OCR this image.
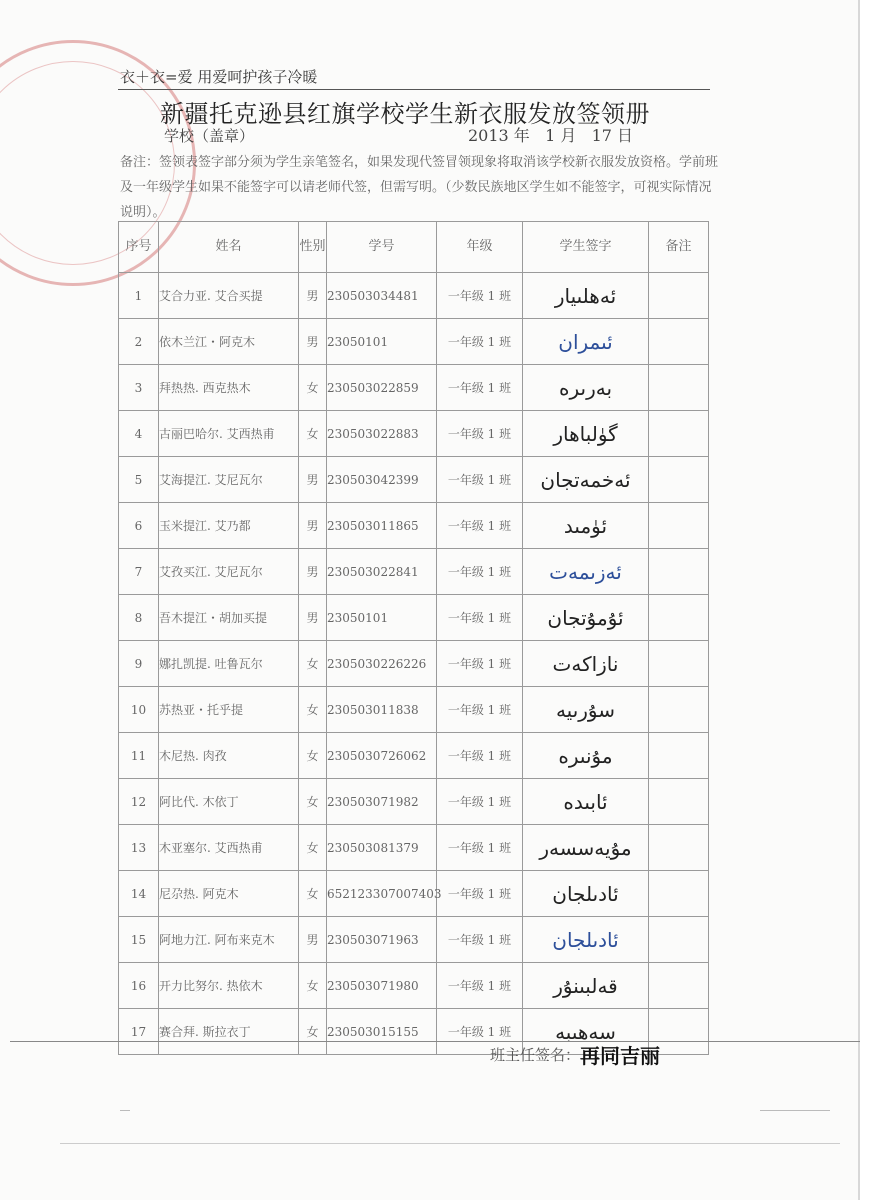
衣＋衣=爱 用爱呵护孩子冷暖
新疆托克逊县红旗学校学生新衣服发放签领册
学校（盖章）	2013 年   1 月   17 日
备注：签领表签字部分须为学生亲笔签名，如果发现代签冒领现象将取消该学校新衣服发放资格。学前班及一年级学生如果不能签字可以请老师代签，但需写明。（少数民族地区学生如不能签字，可视实际情况说明）。
序号	姓名	性别	学号	年级	学生签字	备注
1	艾合力亚. 艾合买提	男	230503034481	一年级 1 班	ئەھلىيار	
2	依木兰江・阿克木	男	23050101	一年级 1 班	ئىمران	
3	拜热热. 西克热木	女	230503022859	一年级 1 班	بەرىرە	
4	古丽巴哈尔. 艾西热甫	女	230503022883	一年级 1 班	گۈلباھار	
5	艾海提江. 艾尼瓦尔	男	230503042399	一年级 1 班	ئەخمەتجان	
6	玉米提江. 艾乃都	男	230503011865	一年级 1 班	ئۈمىد	
7	艾孜买江. 艾尼瓦尔	男	230503022841	一年级 1 班	ئەزىمەت	
8	吾木提江・胡加买提	男	23050101	一年级 1 班	ئۇمۇتجان	
9	娜扎凯提. 吐鲁瓦尔	女	2305030226226	一年级 1 班	نازاكەت	
10	苏热亚・托乎提	女	230503011838	一年级 1 班	سۇرىيە	
11	木尼热. 肉孜	女	2305030726062	一年级 1 班	مۇنىرە	
12	阿比代. 木依丁	女	230503071982	一年级 1 班	ئابىدە	
13	木亚塞尔. 艾西热甫	女	230503081379	一年级 1 班	مۇيەسسەر	
14	尼尕热. 阿克木	女	652123307007403	一年级 1 班	ئادىلجان	
15	阿地力江. 阿布来克木	男	230503071963	一年级 1 班	ئادىلجان	
16	开力比努尔. 热依木	女	230503071980	一年级 1 班	قەلبىنۇر	
17	赛合拜. 斯拉衣丁	女	230503015155	一年级 1 班	سەھىبە	
班主任签名： 再同吉丽
